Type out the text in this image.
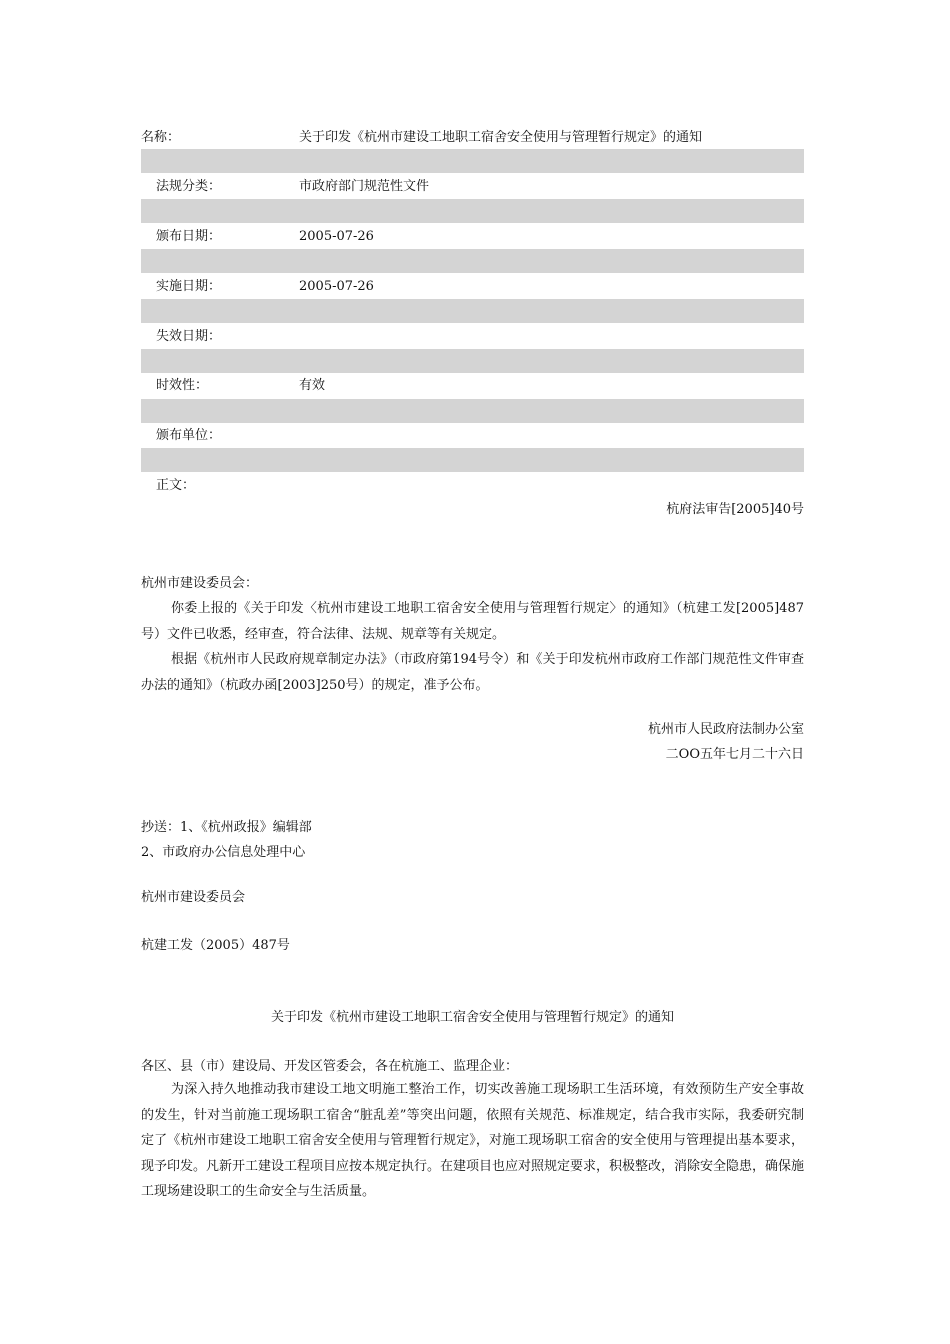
名称：	关于印发《杭州市建设工地职工宿舍安全使用与管理暂行规定》的通知
法规分类：	市政府部门规范性文件
颁布日期：	2005-07-26
实施日期：	2005-07-26
失效日期：
时效性：	有效
颁布单位：
正文：
杭府法审告[2005]40号
杭州市建设委员会：
你委上报的《关于印发〈杭州市建设工地职工宿舍安全使用与管理暂行规定〉的通知》（杭建工发[2005]487号）文件已收悉，经审查，符合法律、法规、规章等有关规定。
根据《杭州市人民政府规章制定办法》（市政府第194号令）和《关于印发杭州市政府工作部门规范性文件审查办法的通知》（杭政办函[2003]250号）的规定，准予公布。
杭州市人民政府法制办公室
二OO五年七月二十六日
抄送：1、《杭州政报》编辑部
2、市政府办公信息处理中心
杭州市建设委员会
杭建工发（2005）487号
关于印发《杭州市建设工地职工宿舍安全使用与管理暂行规定》的通知
各区、县（市）建设局、开发区管委会，各在杭施工、监理企业：
为深入持久地推动我市建设工地文明施工整治工作，切实改善施工现场职工生活环境，有效预防生产安全事故的发生，针对当前施工现场职工宿舍“脏乱差”等突出问题，依照有关规范、标准规定，结合我市实际，我委研究制定了《杭州市建设工地职工宿舍安全使用与管理暂行规定》，对施工现场职工宿舍的安全使用与管理提出基本要求，现予印发。凡新开工建设工程项目应按本规定执行。在建项目也应对照规定要求，积极整改，消除安全隐患，确保施工现场建设职工的生命安全与生活质量。
